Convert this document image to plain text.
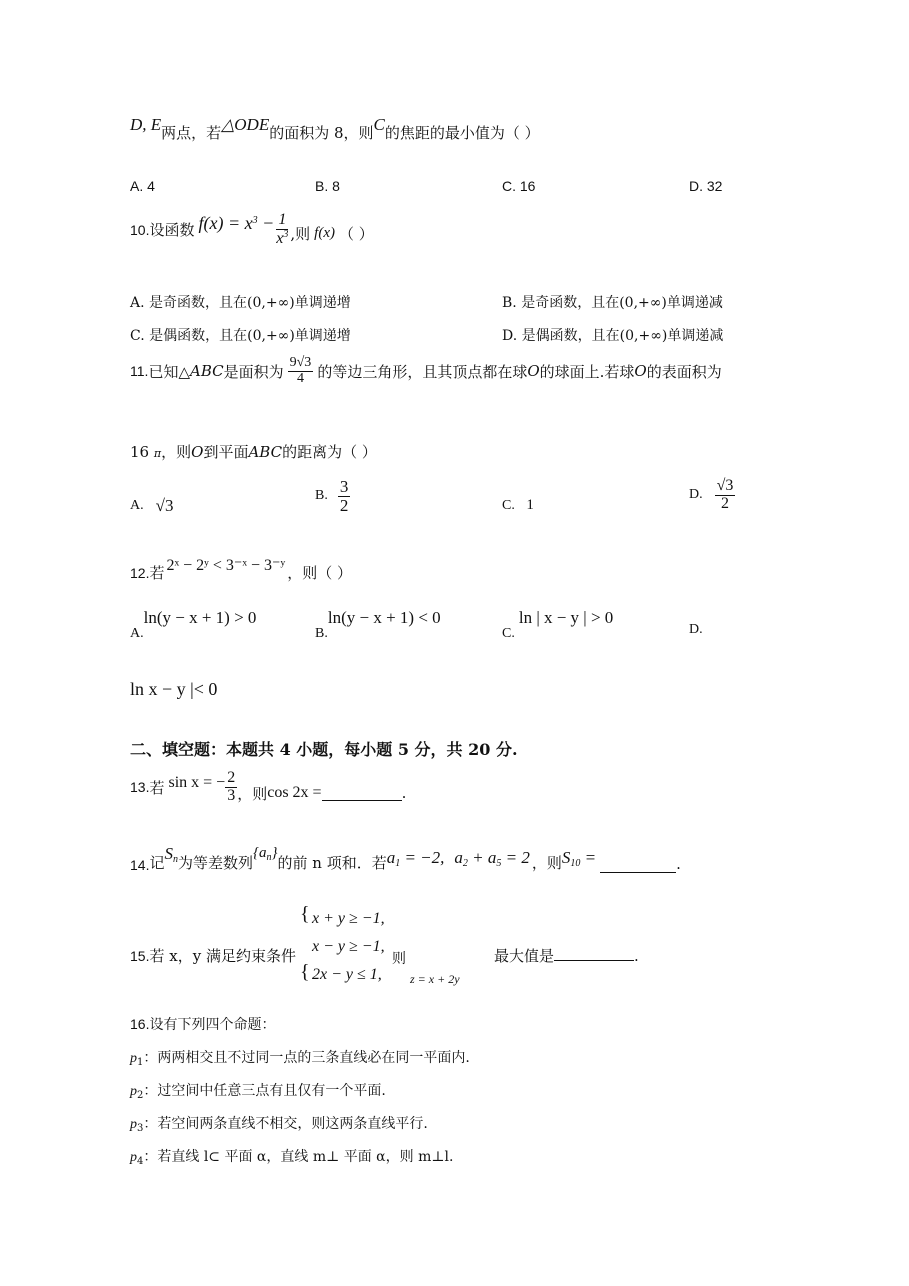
D, E两点，若△ODE的面积为 8，则C的焦距的最小值为（ ）
A. 4	B. 8	C. 16	D. 32
10. 设函数 $f(x) = x^3 - \frac{1}{x^3}$ ,则 f(x) （ ）
A. 是奇函数，且在(0,+∞)单调递增	B. 是奇函数，且在(0,+∞)单调递减
C. 是偶函数，且在(0,+∞)单调递增	D. 是偶函数，且在(0,+∞)单调递减
11. 已知△ ABC 是面积为 $\frac{9√3}{4}$ 的等边三角形，且其顶点都在球 O 的球面上.若球 O 的表面积为
16 π，则O到平面ABC的距离为（ ）
A. √3
B. $\frac{3}{2}$	C. 1
D. $\frac{√3}{2}$
12.若 2ˣ − 2ʸ < 3⁻ˣ − 3⁻ʸ ，则（ ）
A.ln(y − x + 1) > 0
B.ln(y − x + 1) < 0
C.ln | x − y | > 0
D.
ln x − y |< 0
二、填空题：本题共 4 小题，每小题 5 分，共 20 分.
13. 若 sin x = − $\frac{2}{3}$ ，则 cos 2x =	.
14. 记 $S_n$ 为等差数列
$\{a_n\}$
的前 n 项和．若 $a_1 = -2$, $a_2 + a_5 = 2$ ，则 $S_{10}$ =	.
15.若 x，y 满足约束条件
{
{
x + y ≥ −1,
x − y ≥ −1,
2x − y ≤ 1,
则
z = x + 2y
最大值是	.
16.设有下列四个命题：
$p_1$：两两相交且不过同一点的三条直线必在同一平面内.
$p_2$：过空间中任意三点有且仅有一个平面.
$p_3$：若空间两条直线不相交，则这两条直线平行.
$p_4$：若直线 l⊂ 平面 α，直线 m⊥ 平面 α，则 m⊥l.
